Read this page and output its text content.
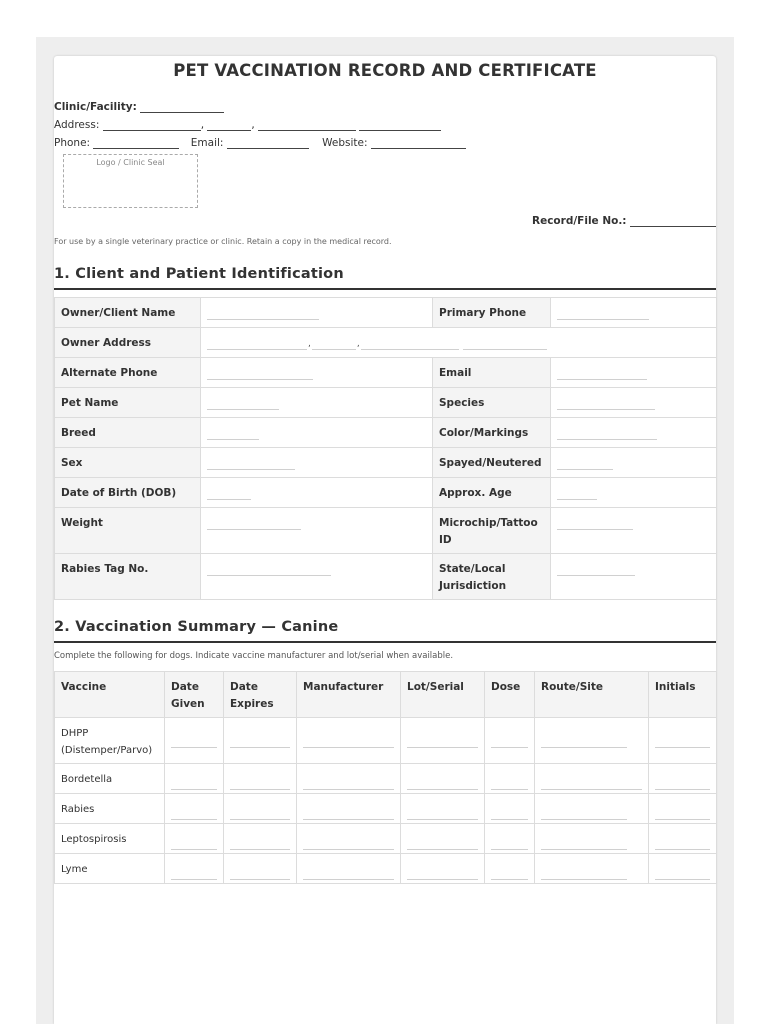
PET VACCINATION RECORD AND CERTIFICATE
Clinic/Facility:
Address:	,	,
Phone:	Email:	Website:
Logo / Clinic Seal
Record/File No.:
For use by a single veterinary practice or clinic. Retain a copy in the medical record.
1. Client and Patient Identification
Owner/Client Name		Primary Phone	

Owner Address	, ,		

Alternate Phone		Email	

Pet Name		Species	

Breed		Color/Markings	

Sex		Spayed/Neutered	

Date of Birth (DOB)		Approx. Age	

Weight		Microchip/Tattoo ID	

Rabies Tag No.		State/Local Jurisdiction	
2. Vaccination Summary — Canine
Complete the following for dogs. Indicate vaccine manufacturer and lot/serial when available.
Vaccine	Date Given	Date Expires	Manufacturer	Lot/Serial	Dose	Route/Site	Initials
DHPP (Distemper/Parvo)	

Bordetella	

Rabies	

Leptospirosis	

Lyme	
